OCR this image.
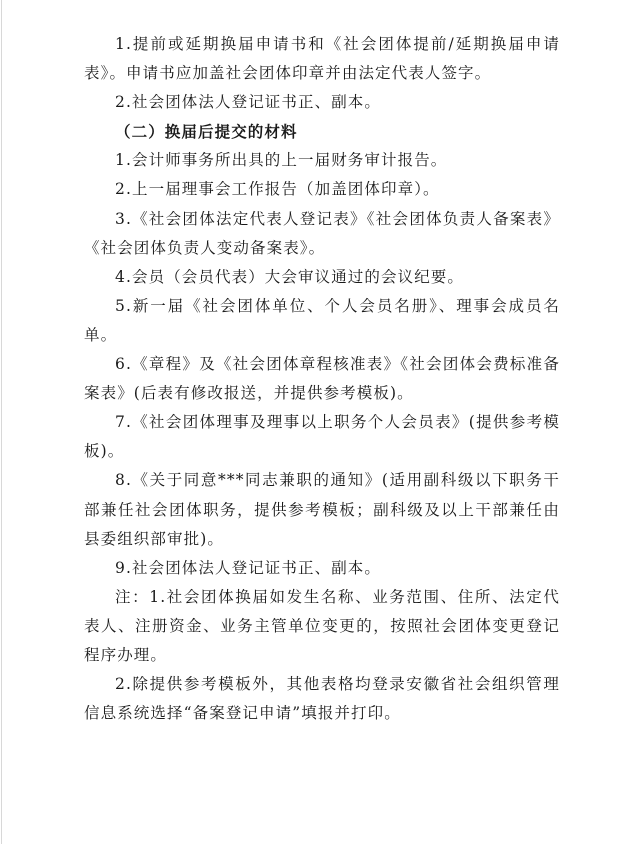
1.提前或延期换届申请书和《社会团体提前/延期换届申请表》。申请书应加盖社会团体印章并由法定代表人签字。

2.社会团体法人登记证书正、副本。

（二）换届后提交的材料

1.会计师事务所出具的上一届财务审计报告。

2.上一届理事会工作报告（加盖团体印章）。

3.《社会团体法定代表人登记表》《社会团体负责人备案表》《社会团体负责人变动备案表》。

4.会员（会员代表）大会审议通过的会议纪要。

5.新一届《社会团体单位、个人会员名册》、理事会成员名单。

6.《章程》及《社会团体章程核准表》《社会团体会费标准备案表》(后表有修改报送，并提供参考模板)。

7.《社会团体理事及理事以上职务个人会员表》(提供参考模板)。

8.《关于同意***同志兼职的通知》(适用副科级以下职务干部兼任社会团体职务，提供参考模板；副科级及以上干部兼任由县委组织部审批)。

9.社会团体法人登记证书正、副本。

注：1.社会团体换届如发生名称、业务范围、住所、法定代表人、注册资金、业务主管单位变更的，按照社会团体变更登记程序办理。

2.除提供参考模板外，其他表格均登录安徽省社会组织管理信息系统选择“备案登记申请”填报并打印。
